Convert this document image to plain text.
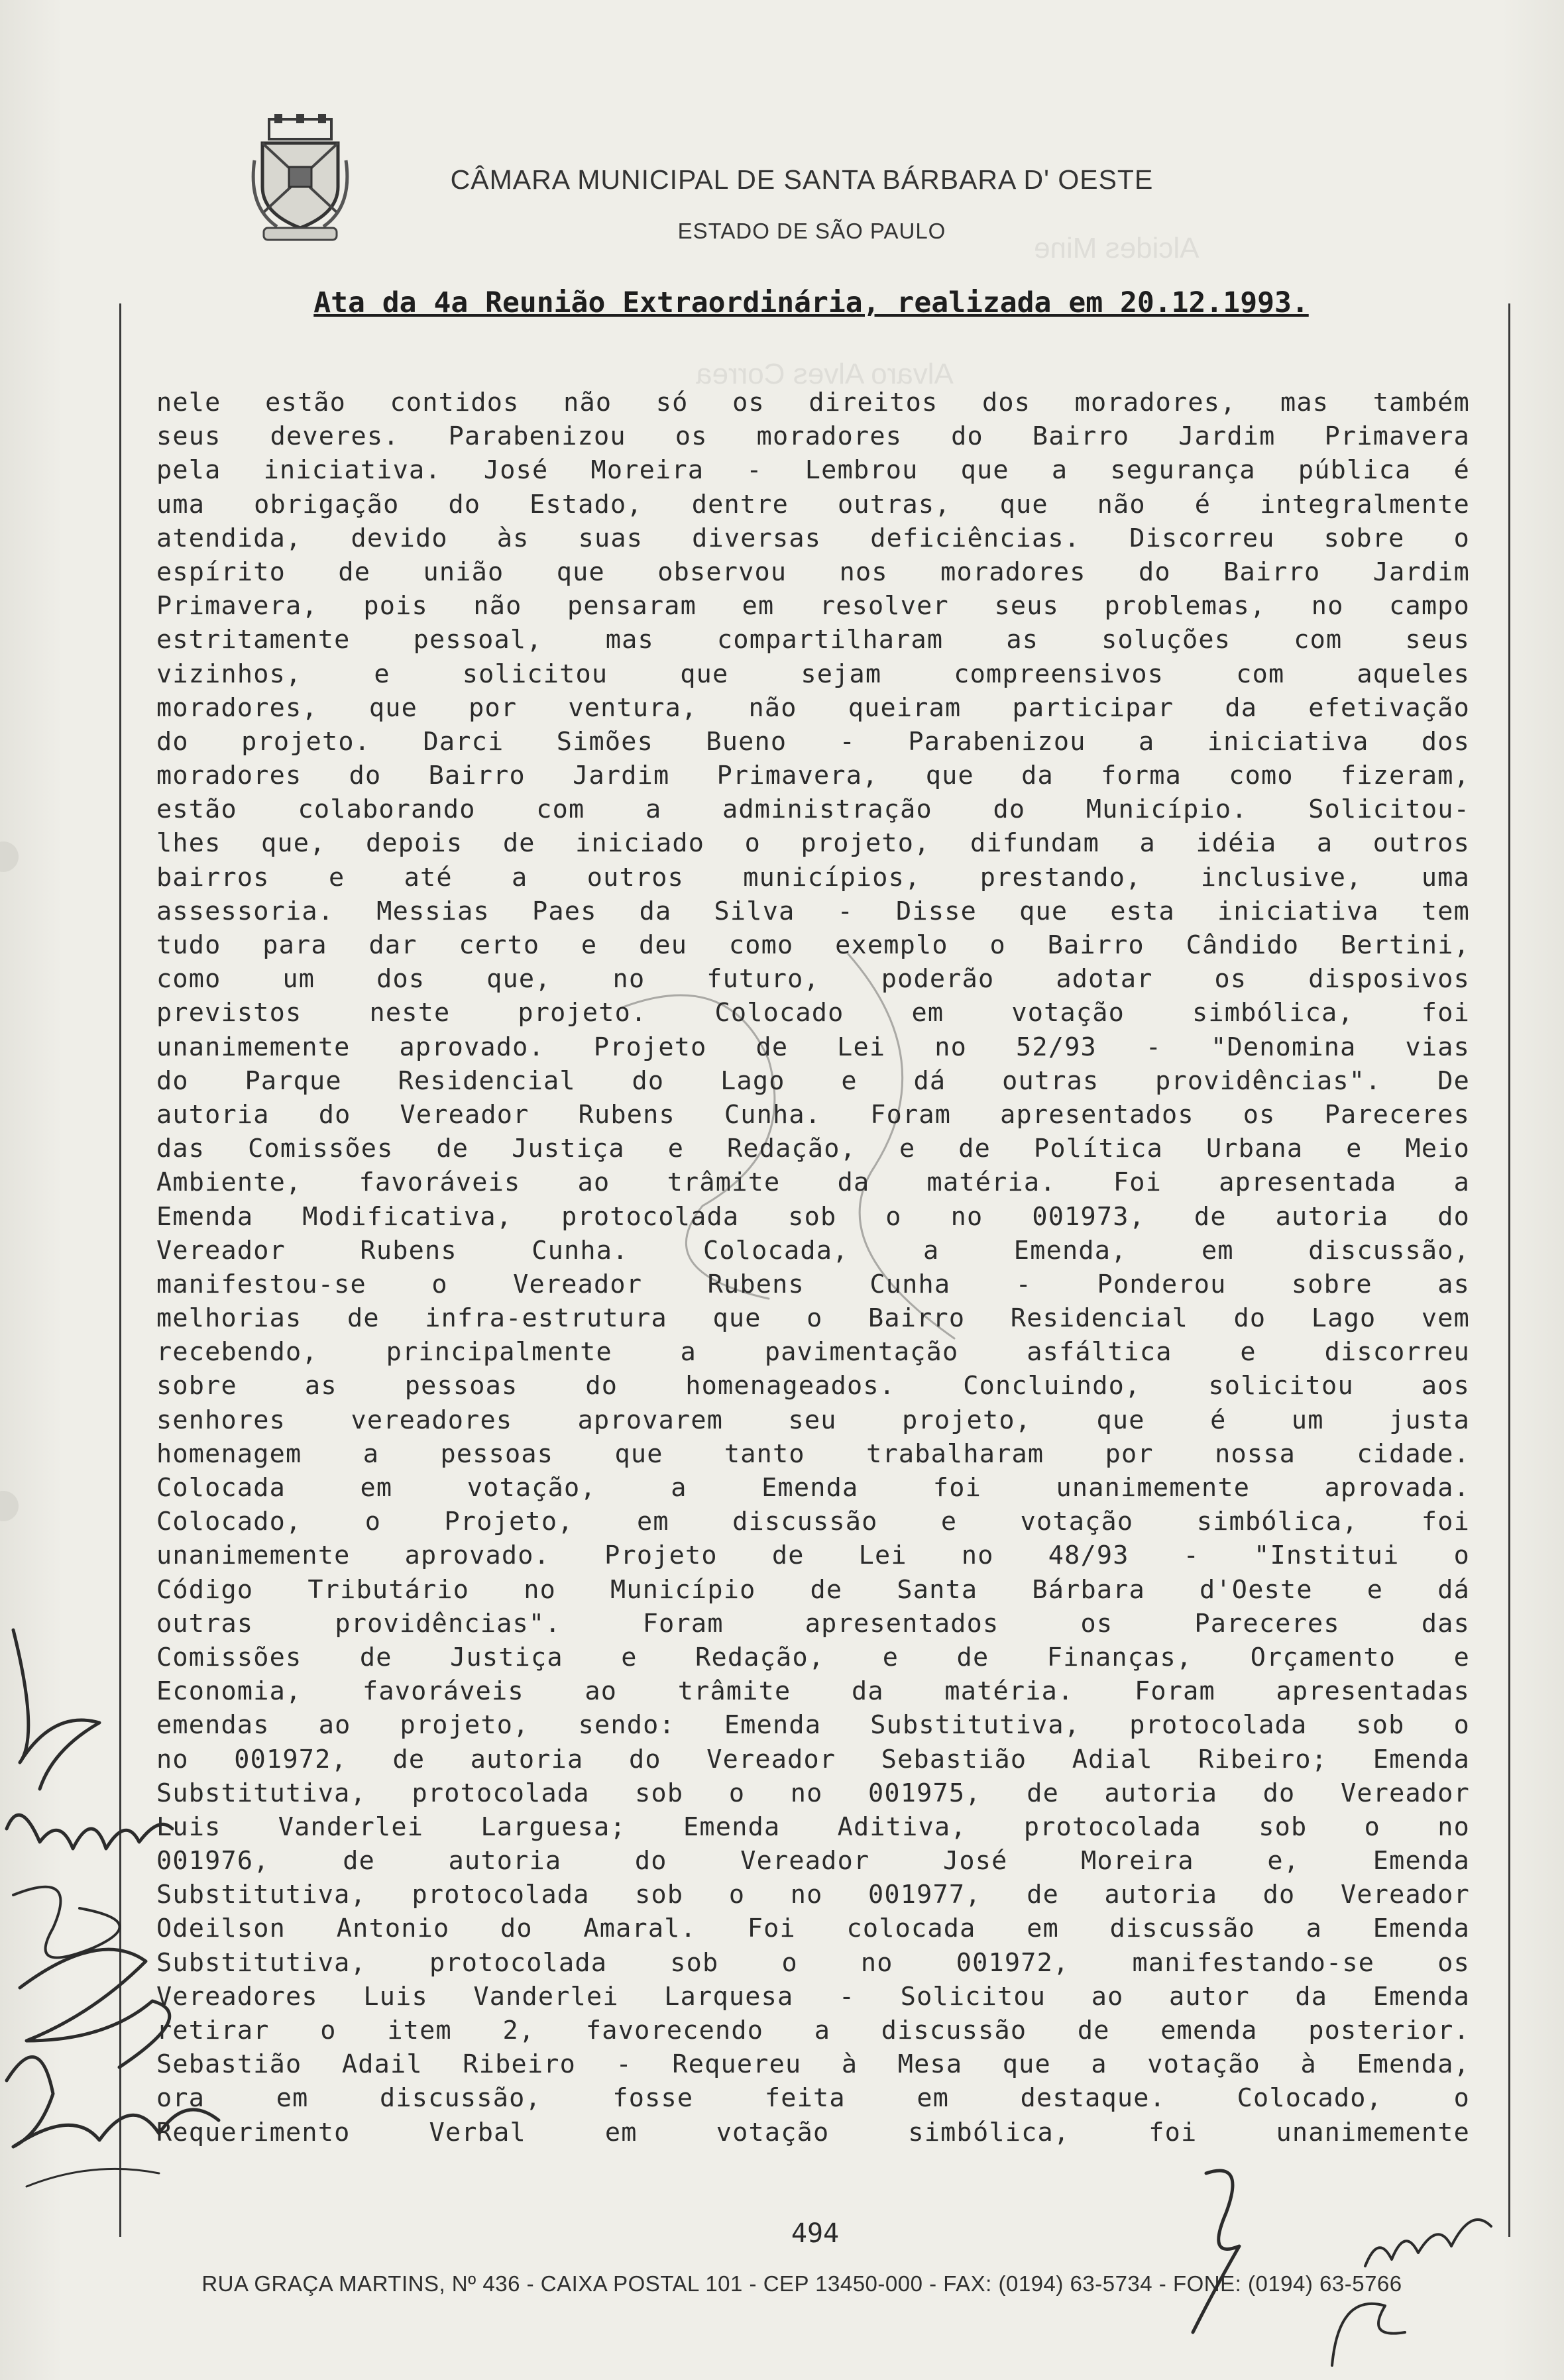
Alcides Mine
Alvaro Alves Correa
CÂMARA MUNICIPAL DE SANTA BÁRBARA D' OESTE
ESTADO DE SÃO PAULO
Ata da 4a Reunião Extraordinária, realizada em 20.12.1993.
nele estão contidos não só os direitos dos moradores, mas também
seus deveres. Parabenizou os moradores do Bairro Jardim Primavera
pela iniciativa. José Moreira - Lembrou que a segurança pública é
uma obrigação do Estado, dentre outras, que não é integralmente
atendida, devido às suas diversas deficiências. Discorreu sobre o
espírito de união que observou nos moradores do Bairro Jardim
Primavera, pois não pensaram em resolver seus problemas, no campo
estritamente pessoal, mas compartilharam as soluções com seus
vizinhos, e solicitou que sejam compreensivos com aqueles
moradores, que por ventura, não queiram participar da efetivação
do projeto. Darci Simões Bueno - Parabenizou a iniciativa dos
moradores do Bairro Jardim Primavera, que da forma como fizeram,
estão colaborando com a administração do Município. Solicitou-
lhes que, depois de iniciado o projeto, difundam a idéia a outros
bairros e até a outros municípios, prestando, inclusive, uma
assessoria. Messias Paes da Silva - Disse que esta iniciativa tem
tudo para dar certo e deu como exemplo o Bairro Cândido Bertini,
como um dos que, no futuro, poderão adotar os disposivos
previstos neste projeto. Colocado em votação simbólica, foi
unanimemente aprovado. Projeto de Lei no 52/93 - "Denomina vias
do Parque Residencial do Lago e dá outras providências". De
autoria do Vereador Rubens Cunha. Foram apresentados os Pareceres
das Comissões de Justiça e Redação, e de Política Urbana e Meio
Ambiente, favoráveis ao trâmite da matéria. Foi apresentada a
Emenda Modificativa, protocolada sob o no 001973, de autoria do
Vereador Rubens Cunha. Colocada, a Emenda, em discussão,
manifestou-se o Vereador Rubens Cunha - Ponderou sobre as
melhorias de infra-estrutura que o Bairro Residencial do Lago vem
recebendo, principalmente a pavimentação asfáltica e discorreu
sobre as pessoas do homenageados. Concluindo, solicitou aos
senhores vereadores aprovarem seu projeto, que é um justa
homenagem a pessoas que tanto trabalharam por nossa cidade.
Colocada em votação, a Emenda foi unanimemente aprovada.
Colocado, o Projeto, em discussão e votação simbólica, foi
unanimemente aprovado. Projeto de Lei no 48/93 - "Institui o
Código Tributário no Município de Santa Bárbara d'Oeste e dá
outras providências". Foram apresentados os Pareceres das
Comissões de Justiça e Redação, e de Finanças, Orçamento e
Economia, favoráveis ao trâmite da matéria. Foram apresentadas
emendas ao projeto, sendo: Emenda Substitutiva, protocolada sob o
no 001972, de autoria do Vereador Sebastião Adial Ribeiro; Emenda
Substitutiva, protocolada sob o no 001975, de autoria do Vereador
Luis Vanderlei Larguesa; Emenda Aditiva, protocolada sob o no
001976, de autoria do Vereador José Moreira e, Emenda
Substitutiva, protocolada sob o no 001977, de autoria do Vereador
Odeilson Antonio do Amaral. Foi colocada em discussão a Emenda
Substitutiva, protocolada sob o no 001972, manifestando-se os
Vereadores Luis Vanderlei Larquesa - Solicitou ao autor da Emenda
retirar o item 2, favorecendo a discussão de emenda posterior.
Sebastião Adail Ribeiro - Requereu à Mesa que a votação à Emenda,
ora em discussão, fosse feita em destaque. Colocado, o
Requerimento Verbal em votação simbólica, foi unanimemente
494
RUA GRAÇA MARTINS, Nº 436 - CAIXA POSTAL 101 - CEP 13450-000 - FAX: (0194) 63-5734 - FONE: (0194) 63-5766
